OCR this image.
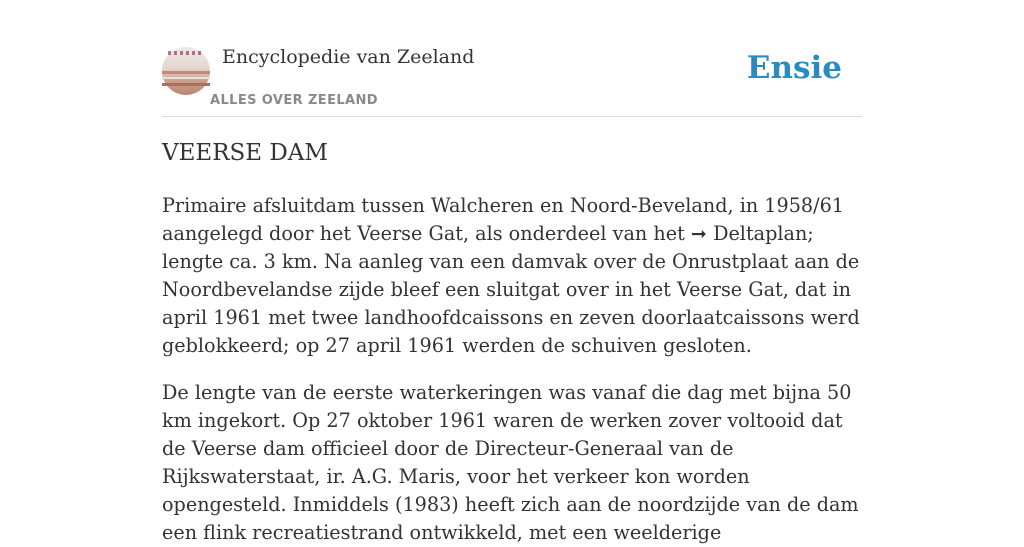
Encyclopedie van Zeeland
ALLES OVER ZEELAND
Ensie
VEERSE DAM

Primaire afsluitdam tussen Walcheren en Noord-Beveland, in 1958/61 aangelegd door het Veerse Gat, als onderdeel van het ➞ Deltaplan; lengte ca. 3 km. Na aanleg van een damvak over de Onrustplaat aan de Noordbevelandse zijde bleef een sluitgat over in het Veerse Gat, dat in april 1961 met twee landhoofdcaissons en zeven doorlaatcaissons werd geblokkeerd; op 27 april 1961 werden de schuiven gesloten.

De lengte van de eerste waterkeringen was vanaf die dag met bijna 50 km ingekort. Op 27 oktober 1961 waren de werken zover voltooid dat de Veerse dam officieel door de Directeur-Generaal van de Rijkswaterstaat, ir. A.G. Maris, voor het verkeer kon worden opengesteld. Inmiddels (1983) heeft zich aan de noordzijde van de dam een flink recreatiestrand ontwikkeld, met een weelderige
